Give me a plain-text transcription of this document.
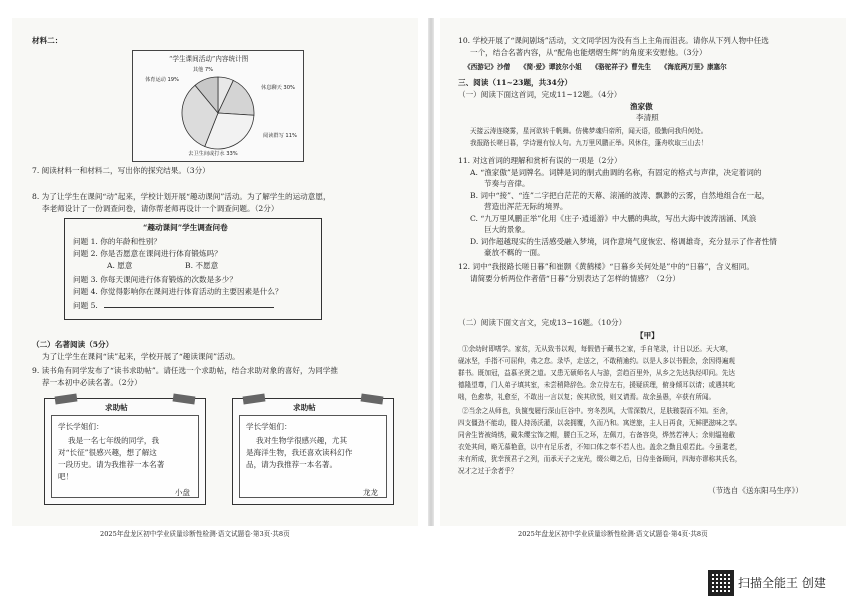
材料二：
“学生课间活动”内容统计图
其他 7%
体育运动 19%
休息聊天 30%
去卫生间或打水 33%
阅读群写 11%
7. 阅读材料一和材料二，写出你的探究结果。（3分）
8. 为了让学生在课间“动”起来，学校计划开展“趣动课间”活动。为了解学生的运动意愿，
李老师设计了一份调查问卷，请你帮老师再设计一个调查问题。（2分）
“趣动课间”学生调查问卷
问题 1. 你的年龄和性别？
问题 2. 你是否愿意在课间进行体育锻炼吗？
A. 愿意	B. 不愿意
问题 3. 你每天课间进行体育锻炼的次数是多少？
问题 4. 你觉得影响你在课间进行体育活动的主要因素是什么？
问题 5.
（二）名著阅读（5分）
为了让学生在课间“读”起来，学校开展了“趣读课间”活动。
9. 读书角有同学发布了“读书求助帖”。请任选一个求助帖，结合求助对象的喜好，为同学推
荐一本初中必读名著。（2分）
求助帖
学长学姐们：
我是一名七年级的同学，我
对“长征”很感兴趣，想了解这
一段历史。请为我推荐一本名著
吧！
小盘
求助帖
学长学姐们：
我对生物学很感兴趣，尤其
是海洋生物，我还喜欢读科幻作
品，请为我推荐一本名著。
龙龙
2025年盘龙区初中学业质量诊断性检测·语文试题卷·第3页·共8页
10. 学校开展了“课间剧场”活动，文文同学因为没有当上主角而沮丧。请你从下列人物中任选
一个，结合名著内容，从“配角也能熠熠生辉”的角度来安慰他。（3分）
《西游记》沙僧　　《简·爱》谭波尔小姐　　《骆驼祥子》曹先生　　《海底两万里》康塞尔
三、阅读（11~23题，共34分）
（一）阅读下面这首词，完成11~12题。（4分）
渔家傲
李清照
天接云涛连晓雾，星河欲转千帆舞。仿佛梦魂归帝所，闻天语，殷勤问我归何处。
我报路长嗟日暮，学诗谩有惊人句。九万里风鹏正举。风休住，蓬舟吹取三山去！
11. 对这首词的理解和赏析有误的一项是（2分）
A. “渔家傲”是词牌名。词牌是词的制式曲调的名称，有固定的格式与声律，决定着词的
节奏与音律。
B. 词中“接”、“连”二字把白茫茫的天幕、滚涌的波涛、飘渺的云雾，自然地组合在一起，
营造出浑茫无际的境界。
C. “九万里风鹏正举”化用《庄子·逍遥游》中大鹏的典故，写出大海中波涛汹涌、风浪
巨大的景象。
D. 词作超越现实的生活感受融入梦境，词作意境气度恢宏、格调雄奇，充分显示了作者性情
豪放不羁的一面。
12. 词中“我报路长嗟日暮”和崔颢《黄鹤楼》“日暮乡关何处是”中的“日暮”，含义相同。
请简要分析两位作者借“日暮”分别表达了怎样的情感？（2分）
（二）阅读下面文言文，完成13~16题。（10分）
【甲】
①余幼时即嗜学。家贫，无从致书以观，每假借于藏书之家，手自笔录，计日以还。天大寒，
砚冰坚，手指不可屈伸，弗之怠。录毕，走送之，不敢稍逾约。以是人多以书假余，余因得遍观
群书。既加冠，益慕圣贤之道。又患无硕师名人与游，尝趋百里外，从乡之先达执经叩问。先达
德隆望尊，门人弟子填其室，未尝稍降辞色。余立侍左右，援疑质理，俯身倾耳以请；或遇其叱
咄，色愈恭，礼愈至，不敢出一言以复；俟其欣悦，则又请焉。故余虽愚，卒获有所闻。
②当余之从师也，负箧曳屣行深山巨谷中。穷冬烈风，大雪深数尺，足肤皲裂而不知。至舍，
四支僵劲不能动，媵人持汤沃灌，以衾拥覆，久而乃和。寓逆旅，主人日再食，无鲜肥滋味之享。
同舍生皆被绮绣，戴朱缨宝饰之帽，腰白玉之环，左佩刀，右备容臭，烨然若神人；余则缊袍敝
衣处其间，略无慕艳意，以中有足乐者，不知口体之奉不若人也。盖余之勤且艰若此。今虽耄老，
未有所成，犹幸预君子之列，而承天子之宠光，缀公卿之后，日侍坐备顾问，四海亦谬称其氏名，
况才之过于余者乎？
（节选自《送东阳马生序》）
2025年盘龙区初中学业质量诊断性检测·语文试题卷·第4页·共8页
扫描全能王 创建
